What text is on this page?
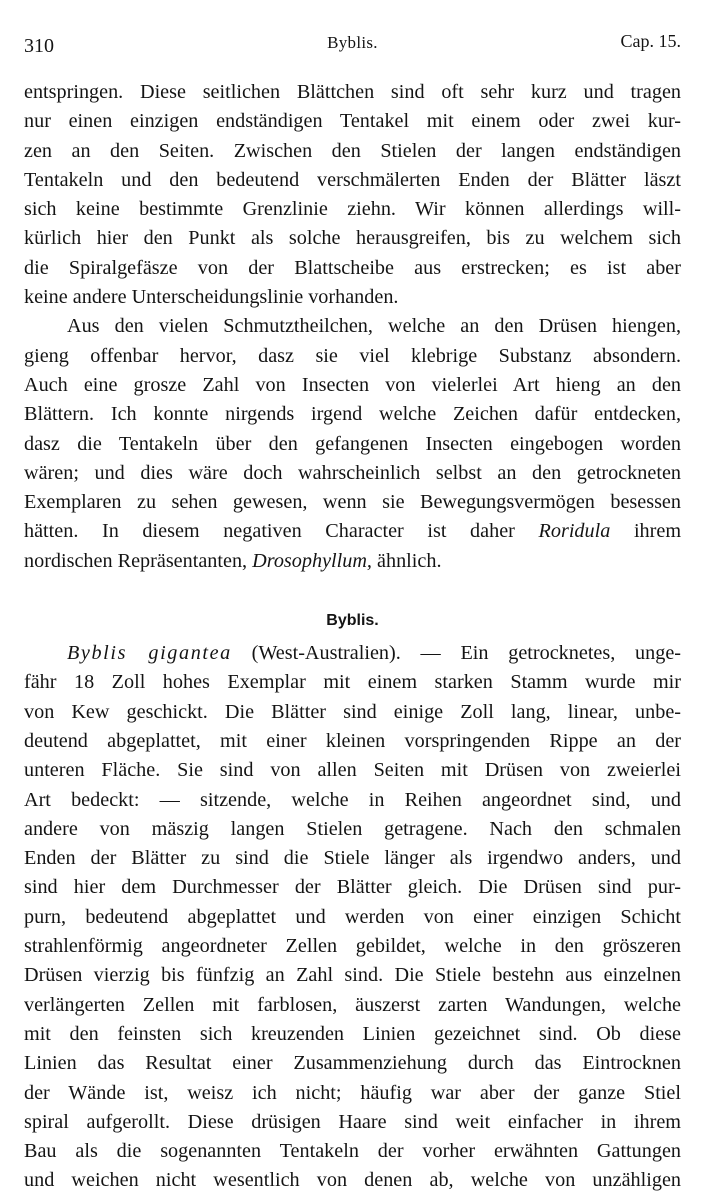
310	Byblis.	Cap. 15.
entspringen. Diese seitlichen Blättchen sind oft sehr kurz und tragen
nur einen einzigen endständigen Tentakel mit einem oder zwei kur-
zen an den Seiten. Zwischen den Stielen der langen endständigen
Tentakeln und den bedeutend verschmälerten Enden der Blätter läszt
sich keine bestimmte Grenzlinie ziehn. Wir können allerdings will-
kürlich hier den Punkt als solche herausgreifen, bis zu welchem sich
die Spiralgefäsze von der Blattscheibe aus erstrecken; es ist aber
keine andere Unterscheidungslinie vorhanden.
Aus den vielen Schmutztheilchen, welche an den Drüsen hiengen,
gieng offenbar hervor, dasz sie viel klebrige Substanz absondern.
Auch eine grosze Zahl von Insecten von vielerlei Art hieng an den
Blättern. Ich konnte nirgends irgend welche Zeichen dafür entdecken,
dasz die Tentakeln über den gefangenen Insecten eingebogen worden
wären; und dies wäre doch wahrscheinlich selbst an den getrockneten
Exemplaren zu sehen gewesen, wenn sie Bewegungsvermögen besessen
hätten. In diesem negativen Character ist daher Roridula ihrem
nordischen Repräsentanten, Drosophyllum, ähnlich.
Byblis.
Byblis gigantea (West-Australien). — Ein getrocknetes, unge-
fähr 18 Zoll hohes Exemplar mit einem starken Stamm wurde mir
von Kew geschickt. Die Blätter sind einige Zoll lang, linear, unbe-
deutend abgeplattet, mit einer kleinen vorspringenden Rippe an der
unteren Fläche. Sie sind von allen Seiten mit Drüsen von zweierlei
Art bedeckt: — sitzende, welche in Reihen angeordnet sind, und
andere von mäszig langen Stielen getragene. Nach den schmalen
Enden der Blätter zu sind die Stiele länger als irgendwo anders, und
sind hier dem Durchmesser der Blätter gleich. Die Drüsen sind pur-
purn, bedeutend abgeplattet und werden von einer einzigen Schicht
strahlenförmig angeordneter Zellen gebildet, welche in den gröszeren
Drüsen vierzig bis fünfzig an Zahl sind. Die Stiele bestehn aus einzelnen
verlängerten Zellen mit farblosen, äuszerst zarten Wandungen, welche
mit den feinsten sich kreuzenden Linien gezeichnet sind. Ob diese
Linien das Resultat einer Zusammenziehung durch das Eintrocknen
der Wände ist, weisz ich nicht; häufig war aber der ganze Stiel
spiral aufgerollt. Diese drüsigen Haare sind weit einfacher in ihrem
Bau als die sogenannten Tentakeln der vorher erwähnten Gattungen
und weichen nicht wesentlich von denen ab, welche von unzähligen
